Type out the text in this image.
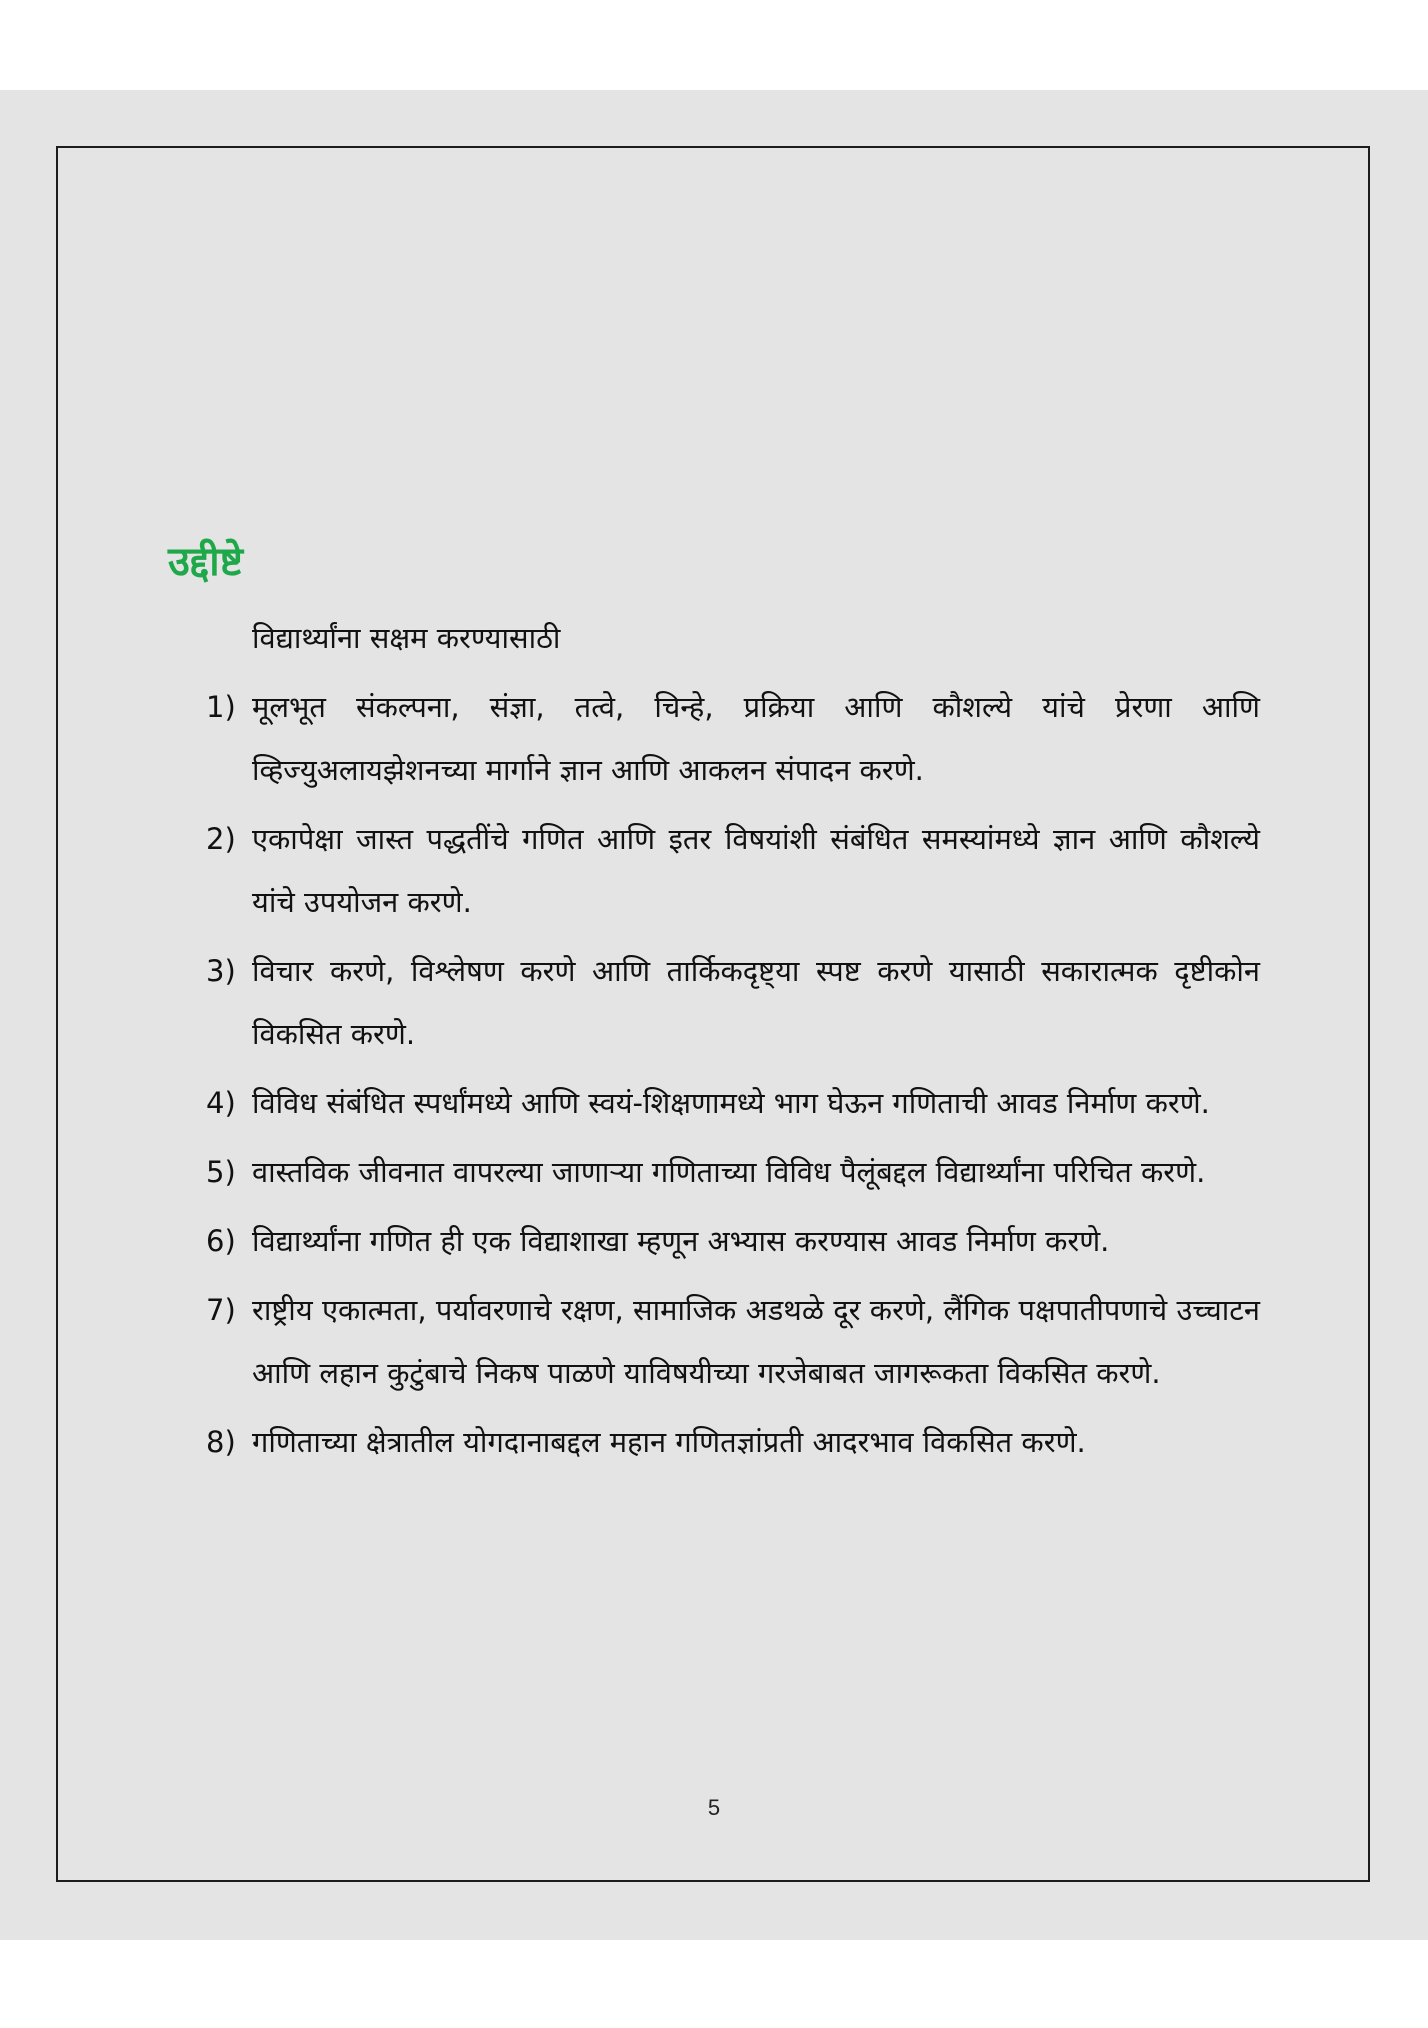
उद्दीष्टे
विद्यार्थ्यांना सक्षम करण्यासाठी
1) मूलभूत संकल्पना, संज्ञा, तत्वे, चिन्हे, प्रक्रिया आणि कौशल्ये यांचे प्रेरणा आणि व्हिज्युअलायझेशनच्या मार्गाने ज्ञान आणि आकलन संपादन करणे.
2) एकापेक्षा जास्त पद्धतींचे गणित आणि इतर विषयांशी संबंधित समस्यांमध्ये ज्ञान आणि कौशल्ये यांचे उपयोजन करणे.
3) विचार करणे, विश्लेषण करणे आणि तार्किकदृष्ट्या स्पष्ट करणे यासाठी सकारात्मक दृष्टीकोन विकसित करणे.
4) विविध संबंधित स्पर्धांमध्ये आणि स्वयं-शिक्षणामध्ये भाग घेऊन गणिताची आवड निर्माण करणे.
5) वास्तविक जीवनात वापरल्या जाणाऱ्या गणिताच्या विविध पैलूंबद्दल विद्यार्थ्यांना परिचित करणे.
6) विद्यार्थ्यांना गणित ही एक विद्याशाखा म्हणून अभ्यास करण्यास आवड निर्माण करणे.
7) राष्ट्रीय एकात्मता, पर्यावरणाचे रक्षण, सामाजिक अडथळे दूर करणे, लैंगिक पक्षपातीपणाचे उच्चाटन आणि लहान कुटुंबाचे निकष पाळणे याविषयीच्या गरजेबाबत जागरूकता विकसित करणे.
8) गणिताच्या क्षेत्रातील योगदानाबद्दल महान गणितज्ञांप्रती आदरभाव विकसित करणे.
5
